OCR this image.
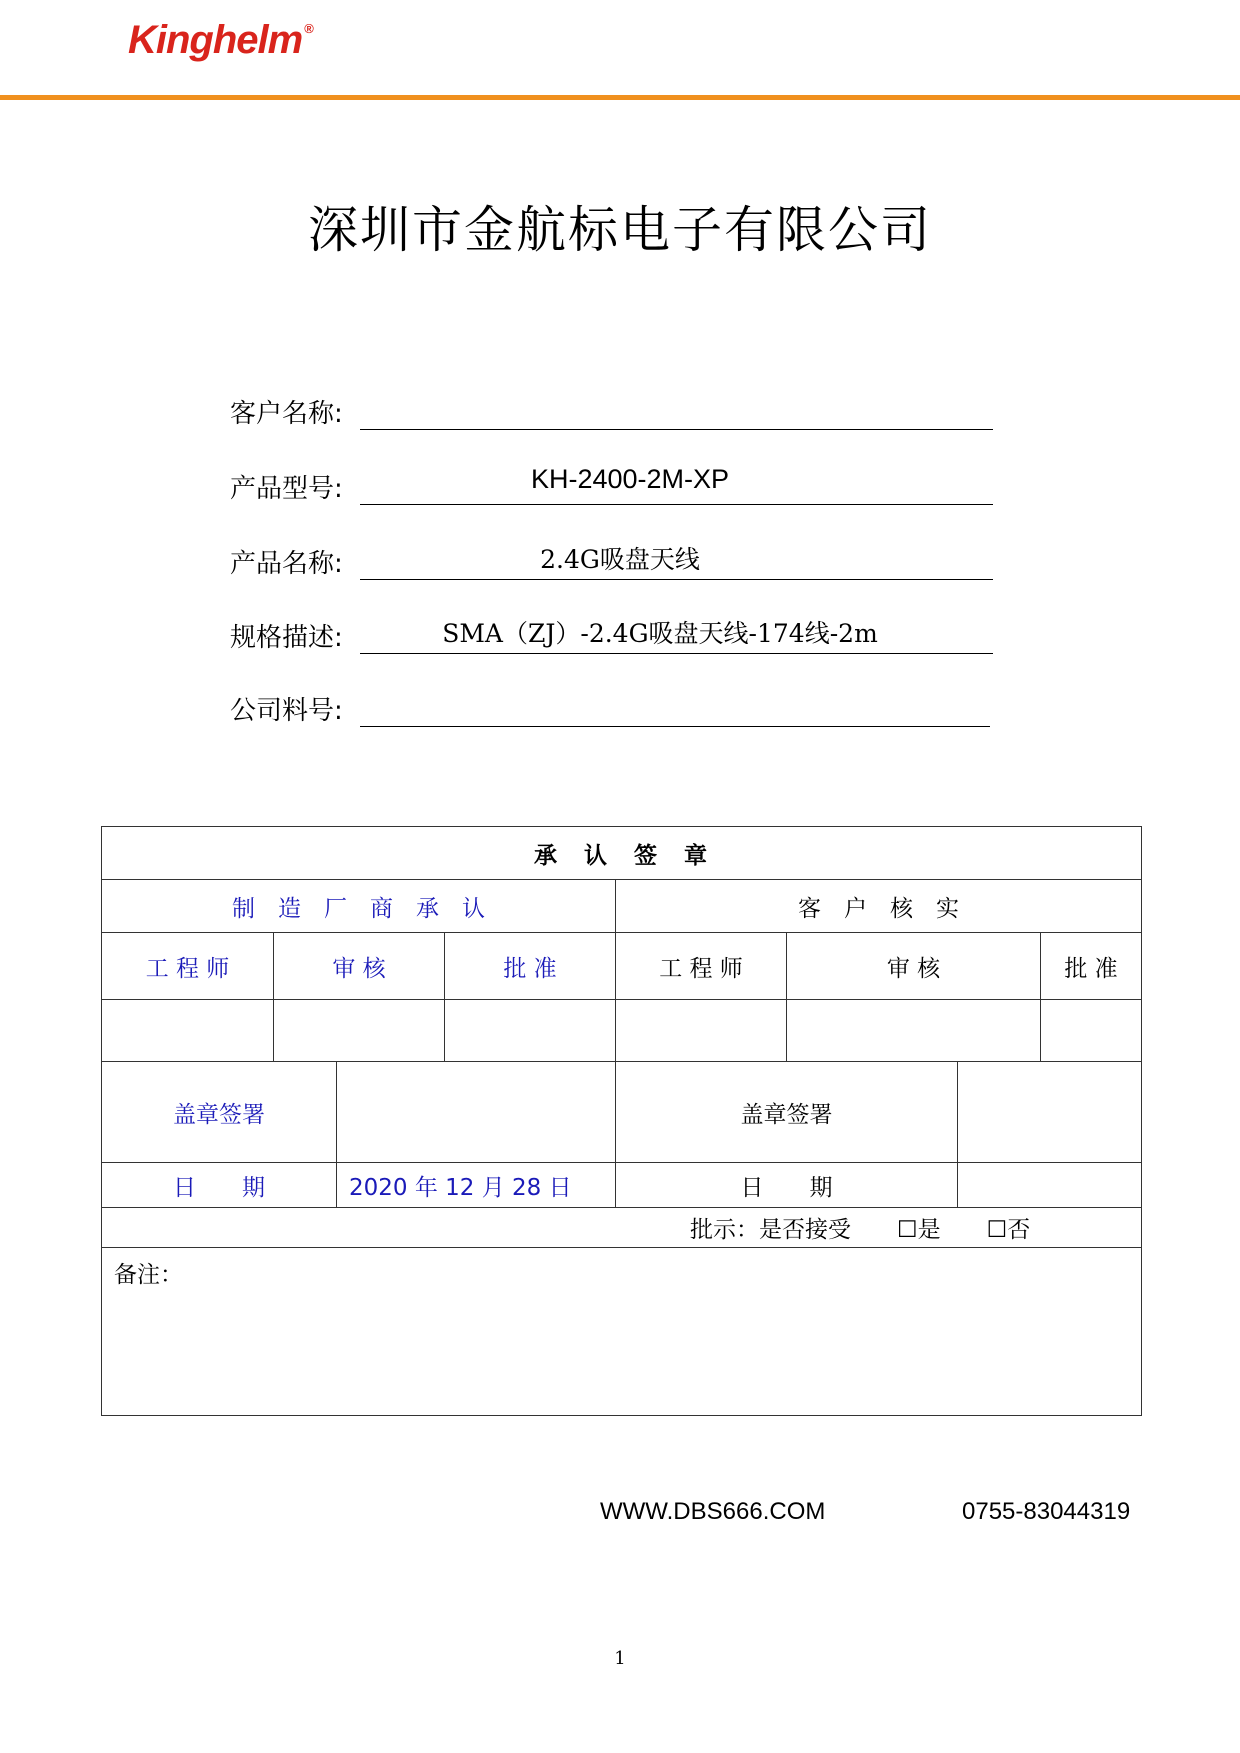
Kinghelm ®
深圳市金航标电子有限公司
客户名称:
产品型号:	KH-2400-2M-XP
产品名称:	2.4G吸盘天线
规格描述:	SMA（ZJ）-2.4G吸盘天线-174线-2m
公司料号:
承　认　签　章							
制　造　厂　商　承　认				客　户　核　实			
工 程 师	审 核		批 准	工 程 师	审 核		批 准

盖章签署				盖章签署			
日　　期		2020 年 12 月 28 日		日　　期			
批示：是否接受　　☐是　　☐否							
备注：							
WWW.DBS666.COM	0755-83044319
1
